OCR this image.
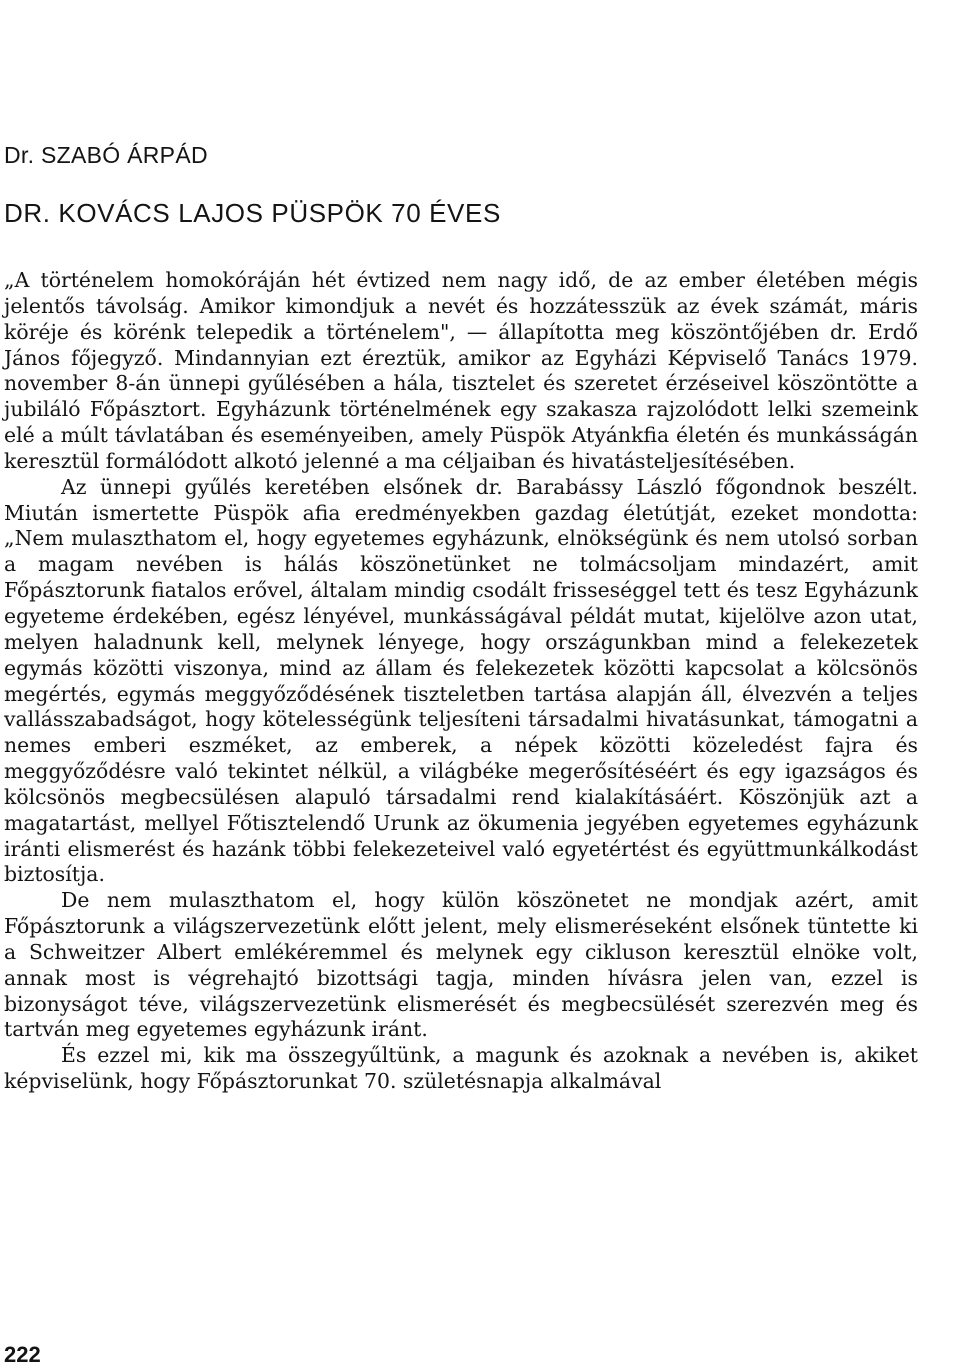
Dr. SZABÓ ÁRPÁD
DR. KOVÁCS LAJOS PÜSPÖK 70 ÉVES

„A történelem homokóráján hét évtized nem nagy idő, de az ember életében mégis jelentős távolság. Amikor kimondjuk a nevét és hozzátesszük az évek számát, máris köréje és körénk telepedik a történelem", — állapította meg köszöntőjében dr. Erdő János főjegyző. Mindannyian ezt éreztük, amikor az Egyházi Képviselő Tanács 1979. november 8-án ünnepi gyűlésében a hála, tisztelet és szeretet érzéseivel köszöntötte a jubiláló Főpásztort. Egyházunk történelmének egy szakasza rajzolódott lelki szemeink elé a múlt távlatában és eseményeiben, amely Püspök Atyánkfia életén és munkásságán keresztül formálódott alkotó jelenné a ma céljaiban és hivatásteljesítésében.

Az ünnepi gyűlés keretében elsőnek dr. Barabássy László főgondnok beszélt. Miután ismertette Püspök afia eredményekben gazdag életútját, ezeket mondotta: „Nem mulaszthatom el, hogy egyetemes egyházunk, elnökségünk és nem utolsó sorban a magam nevében is hálás köszönetünket ne tolmácsoljam mindazért, amit Főpásztorunk fiatalos erővel, általam mindig csodált frisseséggel tett és tesz Egyházunk egyeteme érdekében, egész lényével, munkásságával példát mutat, kijelölve azon utat, melyen haladnunk kell, melynek lényege, hogy országunkban mind a felekezetek egymás közötti viszonya, mind az állam és felekezetek közötti kapcsolat a kölcsönös megértés, egymás meggyőződésének tiszteletben tartása alapján áll, élvezvén a teljes vallásszabadságot, hogy kötelességünk teljesíteni társadalmi hivatásunkat, támogatni a nemes emberi eszméket, az emberek, a népek közötti közeledést fajra és meggyőződésre való tekintet nélkül, a világbéke megerősítéséért és egy igazságos és kölcsönös megbecsülésen alapuló társadalmi rend kialakításáért. Köszönjük azt a magatartást, mellyel Főtisztelendő Urunk az ökumenia jegyében egyetemes egyházunk iránti elismerést és hazánk többi felekezeteivel való egyetértést és együttmunkálkodást biztosítja.

De nem mulaszthatom el, hogy külön köszönetet ne mondjak azért, amit Főpásztorunk a világszervezetünk előtt jelent, mely elismeréseként elsőnek tüntette ki a Schweitzer Albert emlékéremmel és melynek egy cikluson keresztül elnöke volt, annak most is végrehajtó bizottsági tagja, minden hívásra jelen van, ezzel is bizonyságot téve, világszervezetünk elismerését és megbecsülését szerezvén meg és tartván meg egyetemes egyházunk iránt.

És ezzel mi, kik ma összegyűltünk, a magunk és azoknak a nevében is, akiket képviselünk, hogy Főpásztorunkat 70. születésnapja alkalmával

222
